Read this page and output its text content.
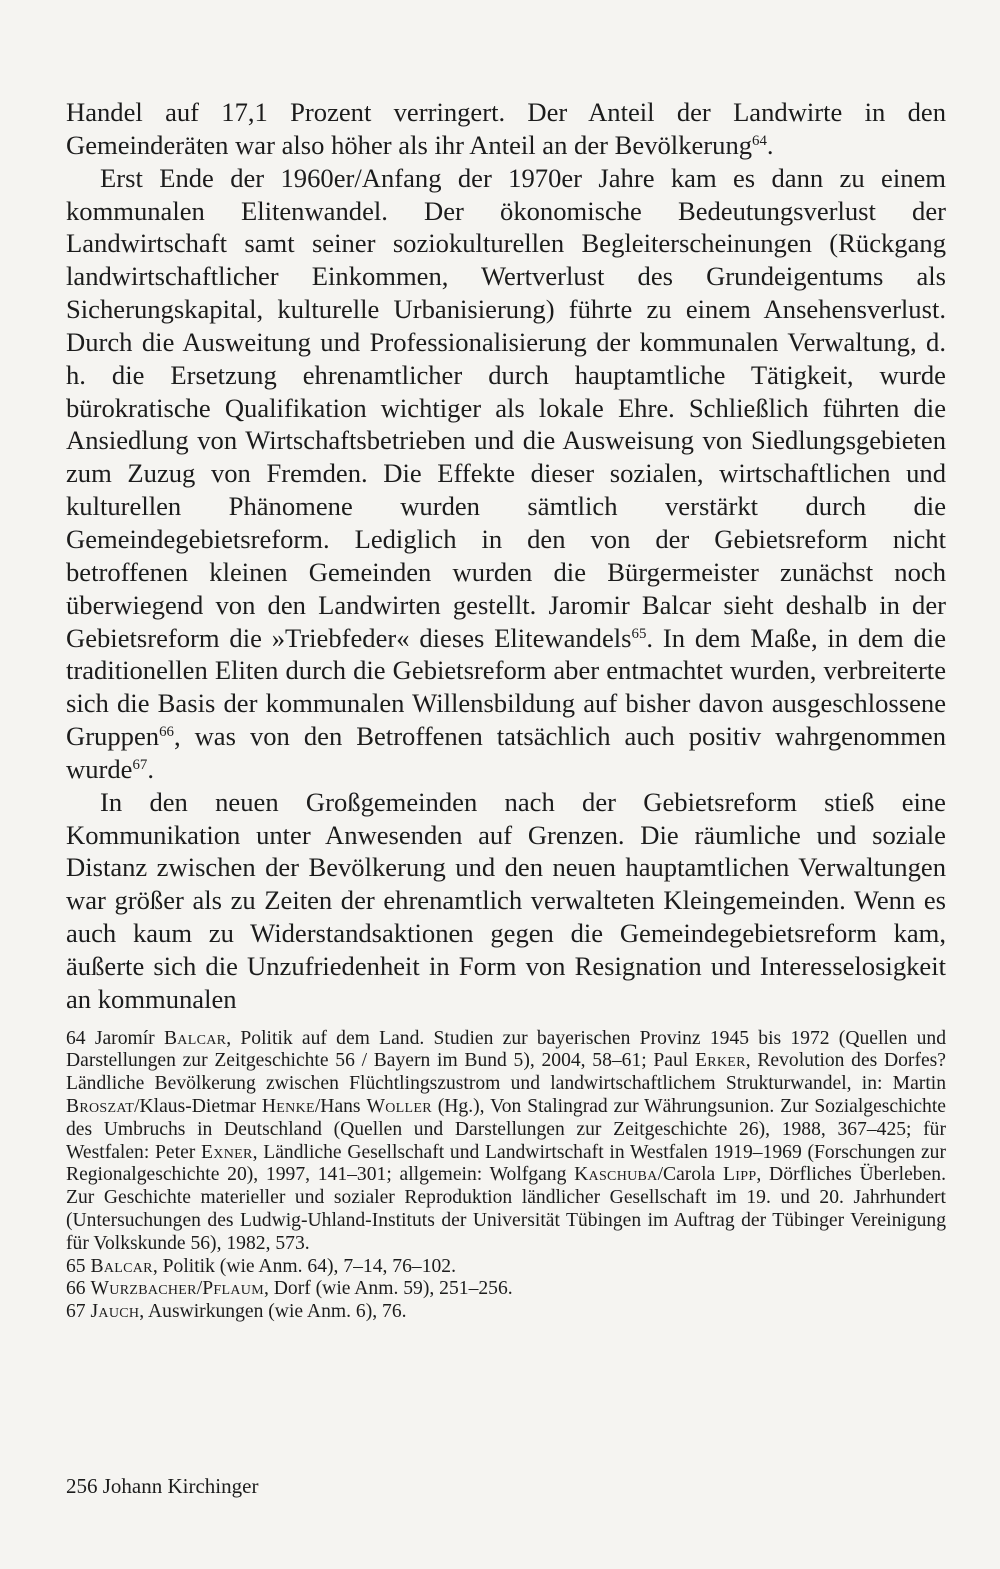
Handel auf 17,1 Prozent verringert. Der Anteil der Landwirte in den Gemeinderäten war also höher als ihr Anteil an der Bevölkerung$^{64}$.

Erst Ende der 1960er/Anfang der 1970er Jahre kam es dann zu einem kommunalen Elitenwandel. Der ökonomische Bedeutungsverlust der Landwirtschaft samt seiner soziokulturellen Begleiterscheinungen (Rückgang landwirtschaftlicher Einkommen, Wertverlust des Grundeigentums als Sicherungskapital, kulturelle Urbanisierung) führte zu einem Ansehensverlust. Durch die Ausweitung und Professionalisierung der kommunalen Verwaltung, d. h. die Ersetzung ehrenamtlicher durch hauptamtliche Tätigkeit, wurde bürokratische Qualifikation wichtiger als lokale Ehre. Schließlich führten die Ansiedlung von Wirtschaftsbetrieben und die Ausweisung von Siedlungsgebieten zum Zuzug von Fremden. Die Effekte dieser sozialen, wirtschaftlichen und kulturellen Phänomene wurden sämtlich verstärkt durch die Gemeindegebietsreform. Lediglich in den von der Gebietsreform nicht betroffenen kleinen Gemeinden wurden die Bürgermeister zunächst noch überwiegend von den Landwirten gestellt. Jaromir Balcar sieht deshalb in der Gebietsreform die »Triebfeder« dieses Elitewandels$^{65}$. In dem Maße, in dem die traditionellen Eliten durch die Gebietsreform aber entmachtet wurden, verbreiterte sich die Basis der kommunalen Willensbildung auf bisher davon ausgeschlossene Gruppen$^{66}$, was von den Betroffenen tatsächlich auch positiv wahrgenommen wurde$^{67}$.

In den neuen Großgemeinden nach der Gebietsreform stieß eine Kommunikation unter Anwesenden auf Grenzen. Die räumliche und soziale Distanz zwischen der Bevölkerung und den neuen hauptamtlichen Verwaltungen war größer als zu Zeiten der ehrenamtlich verwalteten Kleingemeinden. Wenn es auch kaum zu Widerstandsaktionen gegen die Gemeindegebietsreform kam, äußerte sich die Unzufriedenheit in Form von Resignation und Interesselosigkeit an kommunalen

64 Jaromír Balcar, Politik auf dem Land. Studien zur bayerischen Provinz 1945 bis 1972 (Quellen und Darstellungen zur Zeitgeschichte 56 / Bayern im Bund 5), 2004, 58–61; Paul Erker, Revolution des Dorfes? Ländliche Bevölkerung zwischen Flüchtlingszustrom und landwirtschaftlichem Strukturwandel, in: Martin Broszat/Klaus-Dietmar Henke/Hans Woller (Hg.), Von Stalingrad zur Währungsunion. Zur Sozialgeschichte des Umbruchs in Deutschland (Quellen und Darstellungen zur Zeitgeschichte 26), 1988, 367–425; für Westfalen: Peter Exner, Ländliche Gesellschaft und Landwirtschaft in Westfalen 1919–1969 (Forschungen zur Regionalgeschichte 20), 1997, 141–301; allgemein: Wolfgang Kaschuba/Carola Lipp, Dörfliches Überleben. Zur Geschichte materieller und sozialer Reproduktion ländlicher Gesellschaft im 19. und 20. Jahrhundert (Untersuchungen des Ludwig-Uhland-Instituts der Universität Tübingen im Auftrag der Tübinger Vereinigung für Volkskunde 56), 1982, 573.

65 Balcar, Politik (wie Anm. 64), 7–14, 76–102.

66 Wurzbacher/Pflaum, Dorf (wie Anm. 59), 251–256.

67 Jauch, Auswirkungen (wie Anm. 6), 76.

256 Johann Kirchinger
